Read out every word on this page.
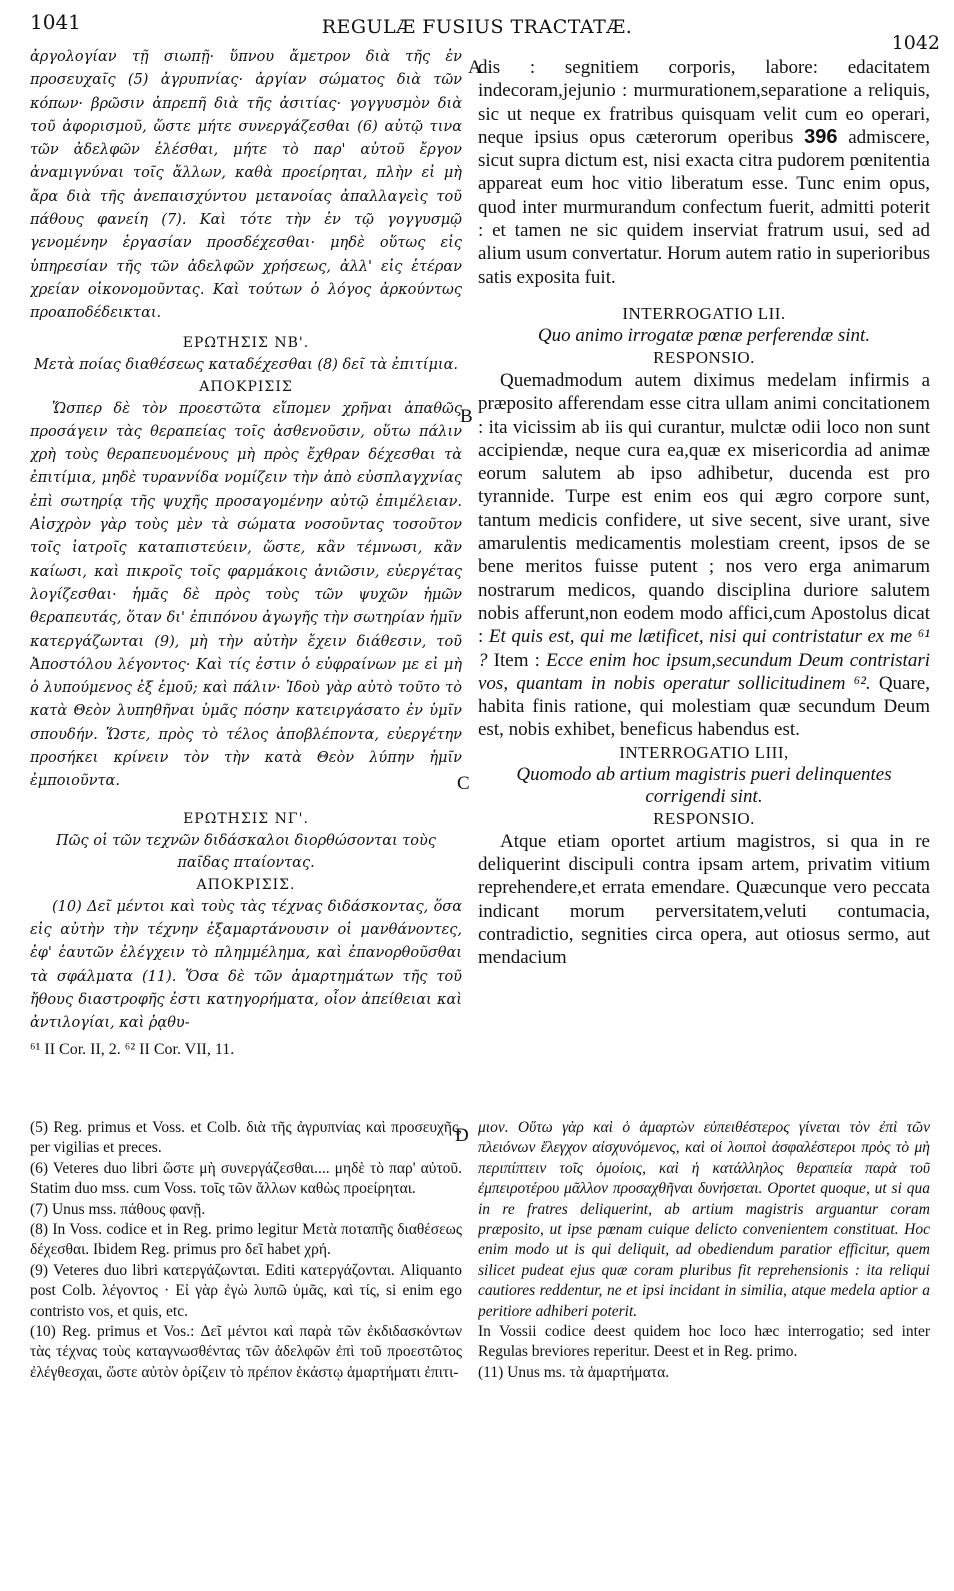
1041	REGULÆ FUSIUS TRACTATÆ.
1042
A
B
C
D

ἀργολογίαν τῇ σιωπῇ· ὕπνου ἄμετρον διὰ τῆς ἐν προσευχαῖς (5) ἀγρυπνίας· ἀργίαν σώματος διὰ τῶν κόπων· βρῶσιν ἀπρεπῆ διὰ τῆς ἀσιτίας· γογγυσμὸν διὰ τοῦ ἀφορισμοῦ, ὥστε μήτε συνεργάζεσθαι (6) αὐτῷ τινα τῶν ἀδελφῶν ἐλέσθαι, μήτε τὸ παρ' αὐτοῦ ἔργον ἀναμιγνύναι τοῖς ἄλλων, καθὰ προείρηται, πλὴν εἰ μὴ ἄρα διὰ τῆς ἀνεπαισχύντου μετανοίας ἀπαλλαγεὶς τοῦ πάθους φανείη (7). Καὶ τότε τὴν ἐν τῷ γογγυσμῷ γενομένην ἐργασίαν προσδέχεσθαι· μηδὲ οὕτως εἰς ὑπηρεσίαν τῆς τῶν ἀδελφῶν χρήσεως, ἀλλ' εἰς ἑτέραν χρείαν οἰκονομοῦντας. Καὶ τούτων ὁ λόγος ἀρκούντως προαποδέδεικται.

ΕΡΩΤΗΣΙΣ ΝΒ'.

Μετὰ ποίας διαθέσεως καταδέχεσθαι (8) δεῖ τὰ ἐπιτίμια.

ΑΠΟΚΡΙΣΙΣ

Ὥσπερ δὲ τὸν προεστῶτα εἴπομεν χρῆναι ἀπαθῶς προσάγειν τὰς θεραπείας τοῖς ἀσθενοῦσιν, οὕτω πάλιν χρὴ τοὺς θεραπευομένους μὴ πρὸς ἔχθραν δέχεσθαι τὰ ἐπιτίμια, μηδὲ τυραννίδα νομίζειν τὴν ἀπὸ εὐσπλαγχνίας ἐπὶ σωτηρίᾳ τῆς ψυχῆς προσαγομένην αὐτῷ ἐπιμέλειαν. Αἰσχρὸν γὰρ τοὺς μὲν τὰ σώματα νοσοῦντας τοσοῦτον τοῖς ἰατροῖς καταπιστεύειν, ὥστε, κἂν τέμνωσι, κἂν καίωσι, καὶ πικροῖς τοῖς φαρμάκοις ἀνιῶσιν, εὐεργέτας λογίζεσθαι· ἡμᾶς δὲ πρὸς τοὺς τῶν ψυχῶν ἡμῶν θεραπευτάς, ὅταν δι' ἐπιπόνου ἀγωγῆς τὴν σωτηρίαν ἡμῖν κατεργάζωνται (9), μὴ τὴν αὐτὴν ἔχειν διάθεσιν, τοῦ Ἀποστόλου λέγοντος· Καὶ τίς ἐστιν ὁ εὐφραίνων με εἰ μὴ ὁ λυπούμενος ἐξ ἐμοῦ; καὶ πάλιν· Ἰδοὺ γὰρ αὐτὸ τοῦτο τὸ κατὰ Θεὸν λυπηθῆναι ὑμᾶς πόσην κατειργάσατο ἐν ὑμῖν σπουδήν. Ὥστε, πρὸς τὸ τέλος ἀποβλέποντα, εὐεργέτην προσήκει κρίνειν τὸν τὴν κατὰ Θεὸν λύπην ἡμῖν ἐμποιοῦντα.

ΕΡΩΤΗΣΙΣ ΝΓ'.

Πῶς οἱ τῶν τεχνῶν διδάσκαλοι διορθώσονται τοὺς παῖδας πταίοντας.

ΑΠΟΚΡΙΣΙΣ.

(10) Δεῖ μέντοι καὶ τοὺς τὰς τέχνας διδάσκοντας, ὅσα εἰς αὐτὴν τὴν τέχνην ἐξαμαρτάνουσιν οἱ μανθάνοντες, ἐφ' ἑαυτῶν ἐλέγχειν τὸ πλημμέλημα, καὶ ἐπανορθοῦσθαι τὰ σφάλματα (11). Ὅσα δὲ τῶν ἁμαρτημάτων τῆς τοῦ ἤθους διαστροφῆς ἐστι κατηγορήματα, οἷον ἀπείθειαι καὶ ἀντιλογίαι, καὶ ῥᾳθυ-

⁶¹ II Cor. II, 2. ⁶² II Cor. VII, 11.

dis : segnitiem corporis, labore: edacitatem indecoram,jejunio : murmurationem,separatione a reliquis, sic ut neque ex fratribus quisquam velit cum eo operari, neque ipsius opus cæterorum operibus 396 admiscere, sicut supra dictum est, nisi exacta citra pudorem pœnitentia appareat eum hoc vitio liberatum esse. Tunc enim opus, quod inter murmurandum confectum fuerit, admitti poterit : et tamen ne sic quidem inserviat fratrum usui, sed ad alium usum convertatur. Horum autem ratio in superioribus satis exposita fuit.

INTERROGATIO LII.

Quo animo irrogatæ pœnæ perferendæ sint.

RESPONSIO.

Quemadmodum autem diximus medelam infirmis a præposito afferendam esse citra ullam animi concitationem : ita vicissim ab iis qui curantur, mulctæ odii loco non sunt accipiendæ, neque cura ea,quæ ex misericordia ad animæ eorum salutem ab ipso adhibetur, ducenda est pro tyrannide. Turpe est enim eos qui ægro corpore sunt, tantum medicis confidere, ut sive secent, sive urant, sive amarulentis medicamentis molestiam creent, ipsos de se bene meritos fuisse putent ; nos vero erga animarum nostrarum medicos, quando disciplina duriore salutem nobis afferunt,non eodem modo affici,cum Apostolus dicat : Et quis est, qui me lætificet, nisi qui contristatur ex me ⁶¹ ? Item : Ecce enim hoc ipsum,secundum Deum contristari vos, quantam in nobis operatur sollicitudinem ⁶². Quare, habita finis ratione, qui molestiam quæ secundum Deum est, nobis exhibet, beneficus habendus est.

INTERROGATIO LIII,

Quomodo ab artium magistris pueri delinquentes corrigendi sint.

RESPONSIO.

Atque etiam oportet artium magistros, si qua in re deliquerint discipuli contra ipsam artem, privatim vitium reprehendere,et errata emendare. Quæcunque vero peccata indicant morum perversitatem,veluti contumacia, contradictio, segnities circa opera, aut otiosus sermo, aut mendacium

(5) Reg. primus et Voss. et Colb. διὰ τῆς ἀγρυπνίας καὶ προσευχῆς, per vigilias et preces.

(6) Veteres duo libri ὥστε μὴ συνεργάζεσθαι.... μηδὲ τὸ παρ' αὐτοῦ. Statim duo mss. cum Voss. τοῖς τῶν ἄλλων καθὼς προείρηται.

(7) Unus mss. πάθους φανῇ.

(8) In Voss. codice et in Reg. primo legitur Μετὰ ποταπῆς διαθέσεως δέχεσθαι. Ibidem Reg. primus pro δεῖ habet χρή.

(9) Veteres duo libri κατεργάζωνται. Editi κατεργάζονται. Aliquanto post Colb. λέγοντος · Εἰ γὰρ ἐγὼ λυπῶ ὑμᾶς, καὶ τίς, si enim ego contristo vos, et quis, etc.

(10) Reg. primus et Vos.: Δεῖ μέντοι καὶ παρὰ τῶν ἐκδιδασκόντων τὰς τέχνας τοὺς καταγνωσθέντας τῶν ἀδελφῶν ἐπὶ τοῦ προεστῶτος ἐλέγθεσχαι, ὥστε αὐτὸν ὁρίζειν τὸ πρέπον ἑκάστῳ ἁμαρτήματι ἐπιτι-

μιον. Οὕτω γὰρ καὶ ὁ ἁμαρτὼν εὐπειθέστερος γίνεται τὸν ἐπὶ τῶν πλειόνων ἔλεγχον αἰσχυνόμενος, καὶ οἱ λοιποὶ ἀσφαλέστεροι πρὸς τὸ μὴ περιπίπτειν τοῖς ὁμοίοις, καὶ ἡ κατάλληλος θεραπεία παρὰ τοῦ ἐμπειροτέρου μᾶλλον προσαχθῆναι δυνήσεται. Oportet quoque, ut si qua in re fratres deliquerint, ab artium magistris arguantur coram præposito, ut ipse pœnam cuique delicto convenientem constituat. Hoc enim modo ut is qui deliquit, ad obediendum paratior efficitur, quem silicet pudeat ejus quæ coram pluribus fit reprehensionis : ita reliqui cautiores reddentur, ne et ipsi incidant in similia, atque medela aptior a peritiore adhiberi poterit.

In Vossii codice deest quidem hoc loco hæc interrogatio; sed inter Regulas breviores reperitur. Deest et in Reg. primo.

(11) Unus ms. τὰ ἁμαρτήματα.
